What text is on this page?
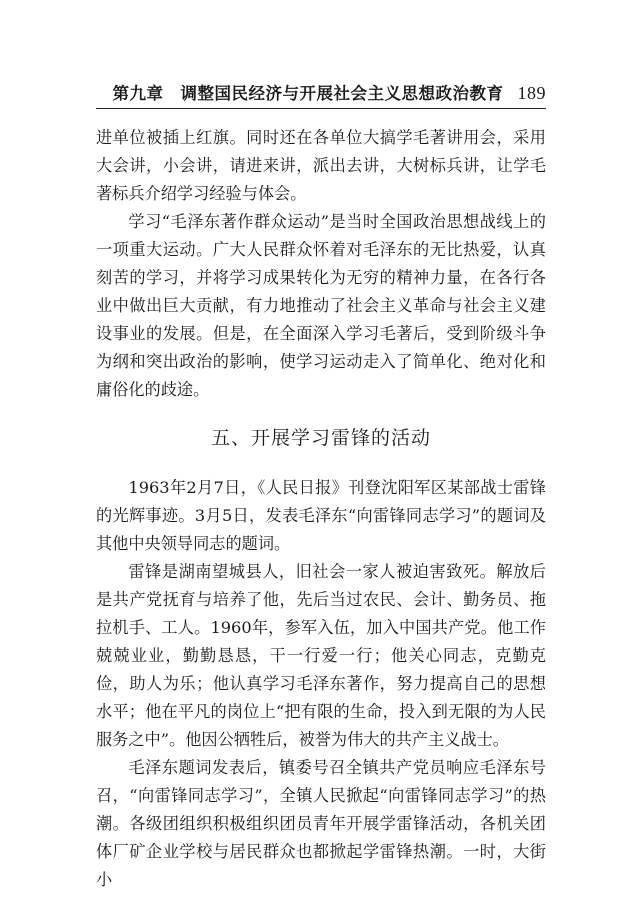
第九章　调整国民经济与开展社会主义思想政治教育 189

进单位被插上红旗。同时还在各单位大搞学毛著讲用会，采用大会讲，小会讲，请进来讲，派出去讲，大树标兵讲，让学毛著标兵介绍学习经验与体会。

学习“毛泽东著作群众运动”是当时全国政治思想战线上的一项重大运动。广大人民群众怀着对毛泽东的无比热爱，认真刻苦的学习，并将学习成果转化为无穷的精神力量，在各行各业中做出巨大贡献，有力地推动了社会主义革命与社会主义建设事业的发展。但是，在全面深入学习毛著后，受到阶级斗争为纲和突出政治的影响，使学习运动走入了简单化、绝对化和庸俗化的歧途。

五、开展学习雷锋的活动

1963年2月7日，《人民日报》刊登沈阳军区某部战士雷锋的光辉事迹。3月5日，发表毛泽东“向雷锋同志学习”的题词及其他中央领导同志的题词。

雷锋是湖南望城县人，旧社会一家人被迫害致死。解放后是共产党抚育与培养了他，先后当过农民、会计、勤务员、拖拉机手、工人。1960年，参军入伍，加入中国共产党。他工作兢兢业业，勤勤恳恳，干一行爱一行；他关心同志，克勤克俭，助人为乐；他认真学习毛泽东著作，努力提高自己的思想水平；他在平凡的岗位上“把有限的生命，投入到无限的为人民服务之中”。他因公牺牲后，被誉为伟大的共产主义战士。

毛泽东题词发表后，镇委号召全镇共产党员响应毛泽东号召，“向雷锋同志学习”，全镇人民掀起“向雷锋同志学习”的热潮。各级团组织积极组织团员青年开展学雷锋活动，各机关团体厂矿企业学校与居民群众也都掀起学雷锋热潮。一时，大街小
